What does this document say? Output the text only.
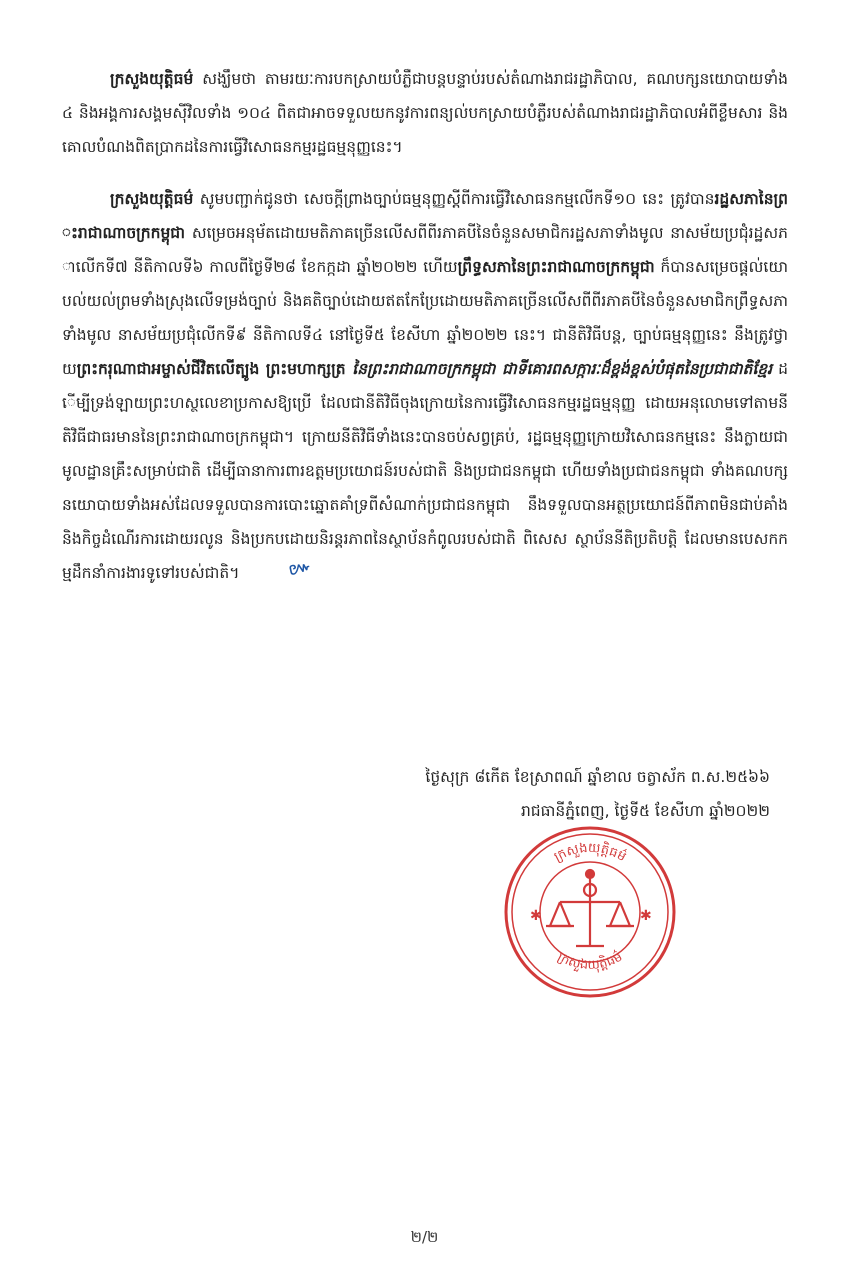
ក្រសួងយុត្តិធម៌ សង្ឃឹមថា តាមរយៈការបកស្រាយបំភ្លឺជាបន្តបន្ទាប់របស់តំណាងរាជរដ្ឋាភិបាល, គណបក្សនយោបាយទាំង ៤ និងអង្គការសង្គមស៊ីវិលទាំង ១០៤ ពិតជាអាចទទួលយកនូវការពន្យល់បកស្រាយបំភ្លឺរបស់តំណាងរាជរដ្ឋាភិបាលអំពីខ្លឹមសារ និងគោលបំណងពិតប្រាកដនៃការធ្វើវិសោធនកម្មរដ្ឋធម្មនុញ្ញនេះ។

ក្រសួងយុត្តិធម៌ សូមបញ្ជាក់ជូនថា សេចក្ដីព្រាងច្បាប់ធម្មនុញ្ញស្តីពីការធ្វើវិសោធនកម្មលើកទី១០ នេះ ត្រូវបានរដ្ឋសភានៃព្រះរាជាណាចក្រកម្ពុជា សម្រេចអនុម័តដោយមតិភាគច្រើនលើសពីពីរភាគបីនៃចំនួនសមាជិករដ្ឋសភាទាំងមូល នាសម័យប្រជុំរដ្ឋសភាលើកទី៧ នីតិកាលទី៦ កាលពីថ្ងៃទី២៨ ខែកក្កដា ឆ្នាំ២០២២ ហើយព្រឹទ្ធសភានៃព្រះរាជាណាចក្រកម្ពុជា ក៏បានសម្រេចផ្ដល់យោបល់យល់ព្រមទាំងស្រុងលើទម្រង់ច្បាប់ និងគតិច្បាប់ដោយឥតកែប្រែដោយមតិភាគច្រើនលើសពីពីរភាគបីនៃចំនួនសមាជិកព្រឹទ្ធសភាទាំងមូល នាសម័យប្រជុំលើកទី៩ នីតិកាលទី៤ នៅថ្ងៃទី៥ ខែសីហា ឆ្នាំ២០២២ នេះ។ ជានីតិវិធីបន្ត, ច្បាប់ធម្មនុញ្ញនេះ នឹងត្រូវថ្វាយព្រះករុណាជាអម្ចាស់ជីវិតលើត្បូង ព្រះមហាក្សត្រ នៃព្រះរាជាណាចក្រកម្ពុជា ជាទីគោរពសក្ការៈដ៏ខ្ពង់ខ្ពស់បំផុតនៃប្រជាជាតិខ្មែរ ដើម្បីទ្រង់ឡាយព្រះហស្ថលេខាប្រកាសឱ្យប្រើ ដែលជានីតិវិធីចុងក្រោយនៃការធ្វើវិសោធនកម្មរដ្ឋធម្មនុញ្ញ ដោយអនុលោមទៅតាមនីតិវិធីជាធរមាននៃព្រះរាជាណាចក្រកម្ពុជា។ ក្រោយនីតិវិធីទាំងនេះបានចប់សព្វគ្រប់, រដ្ឋធម្មនុញ្ញក្រោយវិសោធនកម្មនេះ នឹងក្លាយជាមូលដ្ឋានគ្រឹះសម្រាប់ជាតិ ដើម្បីធានាការពារឧត្តមប្រយោជន៍របស់ជាតិ និងប្រជាជនកម្ពុជា ហើយទាំងប្រជាជនកម្ពុជា ទាំងគណបក្សនយោបាយទាំងអស់ដែលទទួលបានការបោះឆ្នោតគាំទ្រពីសំណាក់ប្រជាជនកម្ពុជា នឹងទទួលបានអត្ថប្រយោជន៍ពីភាពមិនជាប់គាំង និងកិច្ចដំណើរការដោយរលូន និងប្រកបដោយនិរន្តរភាពនៃស្ថាប័នកំពូលរបស់ជាតិ ពិសេស ស្ថាប័ននីតិប្រតិបត្តិ ដែលមានបេសកកម្មដឹកនាំការងារទូទៅរបស់ជាតិ។	៚

ថ្ងៃសុក្រ ៨កើត ខែស្រាពណ៍ ឆ្នាំខាល ចត្វាស័ក ព.ស.២៥៦៦
រាជធានីភ្នំពេញ, ថ្ងៃទី៥ ខែសីហា ឆ្នាំ២០២២
ក្រសួងយុត្តិធម៌
ក្រសួងយុត្តិធម៌
✱	✱
២/២
